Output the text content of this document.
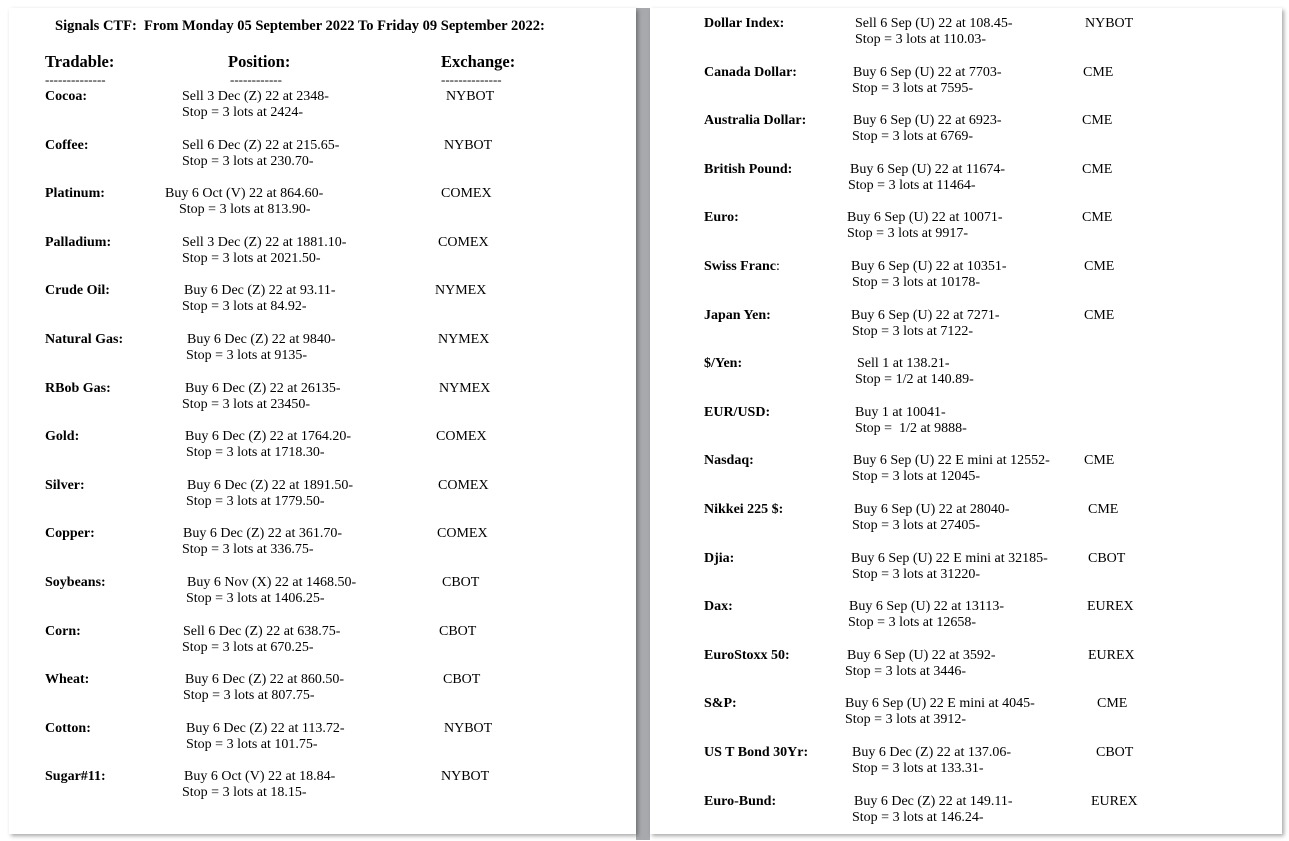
Signals CTF:  From Monday 05 September 2022 To Friday 09 September 2022:
Tradable:	Position:	Exchange:
--------------	------------	--------------
Cocoa:	Sell 3 Dec (Z) 22 at 2348-
Stop = 3 lots at 2424-
NYBOT
Coffee:	Sell 6 Dec (Z) 22 at 215.65-
Stop = 3 lots at 230.70-
NYBOT
Platinum:	Buy 6 Oct (V) 22 at 864.60-
Stop = 3 lots at 813.90-
COMEX
Palladium:	Sell 3 Dec (Z) 22 at 1881.10-
Stop = 3 lots at 2021.50-
COMEX
Crude Oil:	Buy 6 Dec (Z) 22 at 93.11-
Stop = 3 lots at 84.92-
NYMEX
Natural Gas:	Buy 6 Dec (Z) 22 at 9840-
Stop = 3 lots at 9135-
NYMEX
RBob Gas:	Buy 6 Dec (Z) 22 at 26135-
Stop = 3 lots at 23450-
NYMEX
Gold:	Buy 6 Dec (Z) 22 at 1764.20-
Stop = 3 lots at 1718.30-
COMEX
Silver:	Buy 6 Dec (Z) 22 at 1891.50-
Stop = 3 lots at 1779.50-
COMEX
Copper:	Buy 6 Dec (Z) 22 at 361.70-
Stop = 3 lots at 336.75-
COMEX
Soybeans:	Buy 6 Nov (X) 22 at 1468.50-
Stop = 3 lots at 1406.25-
CBOT
Corn:	Sell 6 Dec (Z) 22 at 638.75-
Stop = 3 lots at 670.25-
CBOT
Wheat:	Buy 6 Dec (Z) 22 at 860.50-
Stop = 3 lots at 807.75-
CBOT
Cotton:	Buy 6 Dec (Z) 22 at 113.72-
Stop = 3 lots at 101.75-
NYBOT
Sugar#11:	Buy 6 Oct (V) 22 at 18.84-
Stop = 3 lots at 18.15-
NYBOT
Dollar Index:	Sell 6 Sep (U) 22 at 108.45-
Stop = 3 lots at 110.03-
NYBOT
Canada Dollar:	Buy 6 Sep (U) 22 at 7703-
Stop = 3 lots at 7595-
CME
Australia Dollar:	Buy 6 Sep (U) 22 at 6923-
Stop = 3 lots at 6769-
CME
British Pound:	Buy 6 Sep (U) 22 at 11674-
Stop = 3 lots at 11464-
CME
Euro:	Buy 6 Sep (U) 22 at 10071-
Stop = 3 lots at 9917-
CME
Swiss Franc:	Buy 6 Sep (U) 22 at 10351-
Stop = 3 lots at 10178-
CME
Japan Yen:	Buy 6 Sep (U) 22 at 7271-
Stop = 3 lots at 7122-
CME
$/Yen:	Sell 1 at 138.21-
Stop = 1/2 at 140.89-
EUR/USD:	Buy 1 at 10041-
Stop =  1/2 at 9888-
Nasdaq:	Buy 6 Sep (U) 22 E mini at 12552-
Stop = 3 lots at 12045-
CME
Nikkei 225 $:	Buy 6 Sep (U) 22 at 28040-
Stop = 3 lots at 27405-
CME
Djia:	Buy 6 Sep (U) 22 E mini at 32185-
Stop = 3 lots at 31220-
CBOT
Dax:	Buy 6 Sep (U) 22 at 13113-
Stop = 3 lots at 12658-
EUREX
EuroStoxx 50:	Buy 6 Sep (U) 22 at 3592-
Stop = 3 lots at 3446-
EUREX
S&P:	Buy 6 Sep (U) 22 E mini at 4045-
Stop = 3 lots at 3912-
CME
US T Bond 30Yr:	Buy 6 Dec (Z) 22 at 137.06-
Stop = 3 lots at 133.31-
CBOT
Euro-Bund:	Buy 6 Dec (Z) 22 at 149.11-
Stop = 3 lots at 146.24-
EUREX
